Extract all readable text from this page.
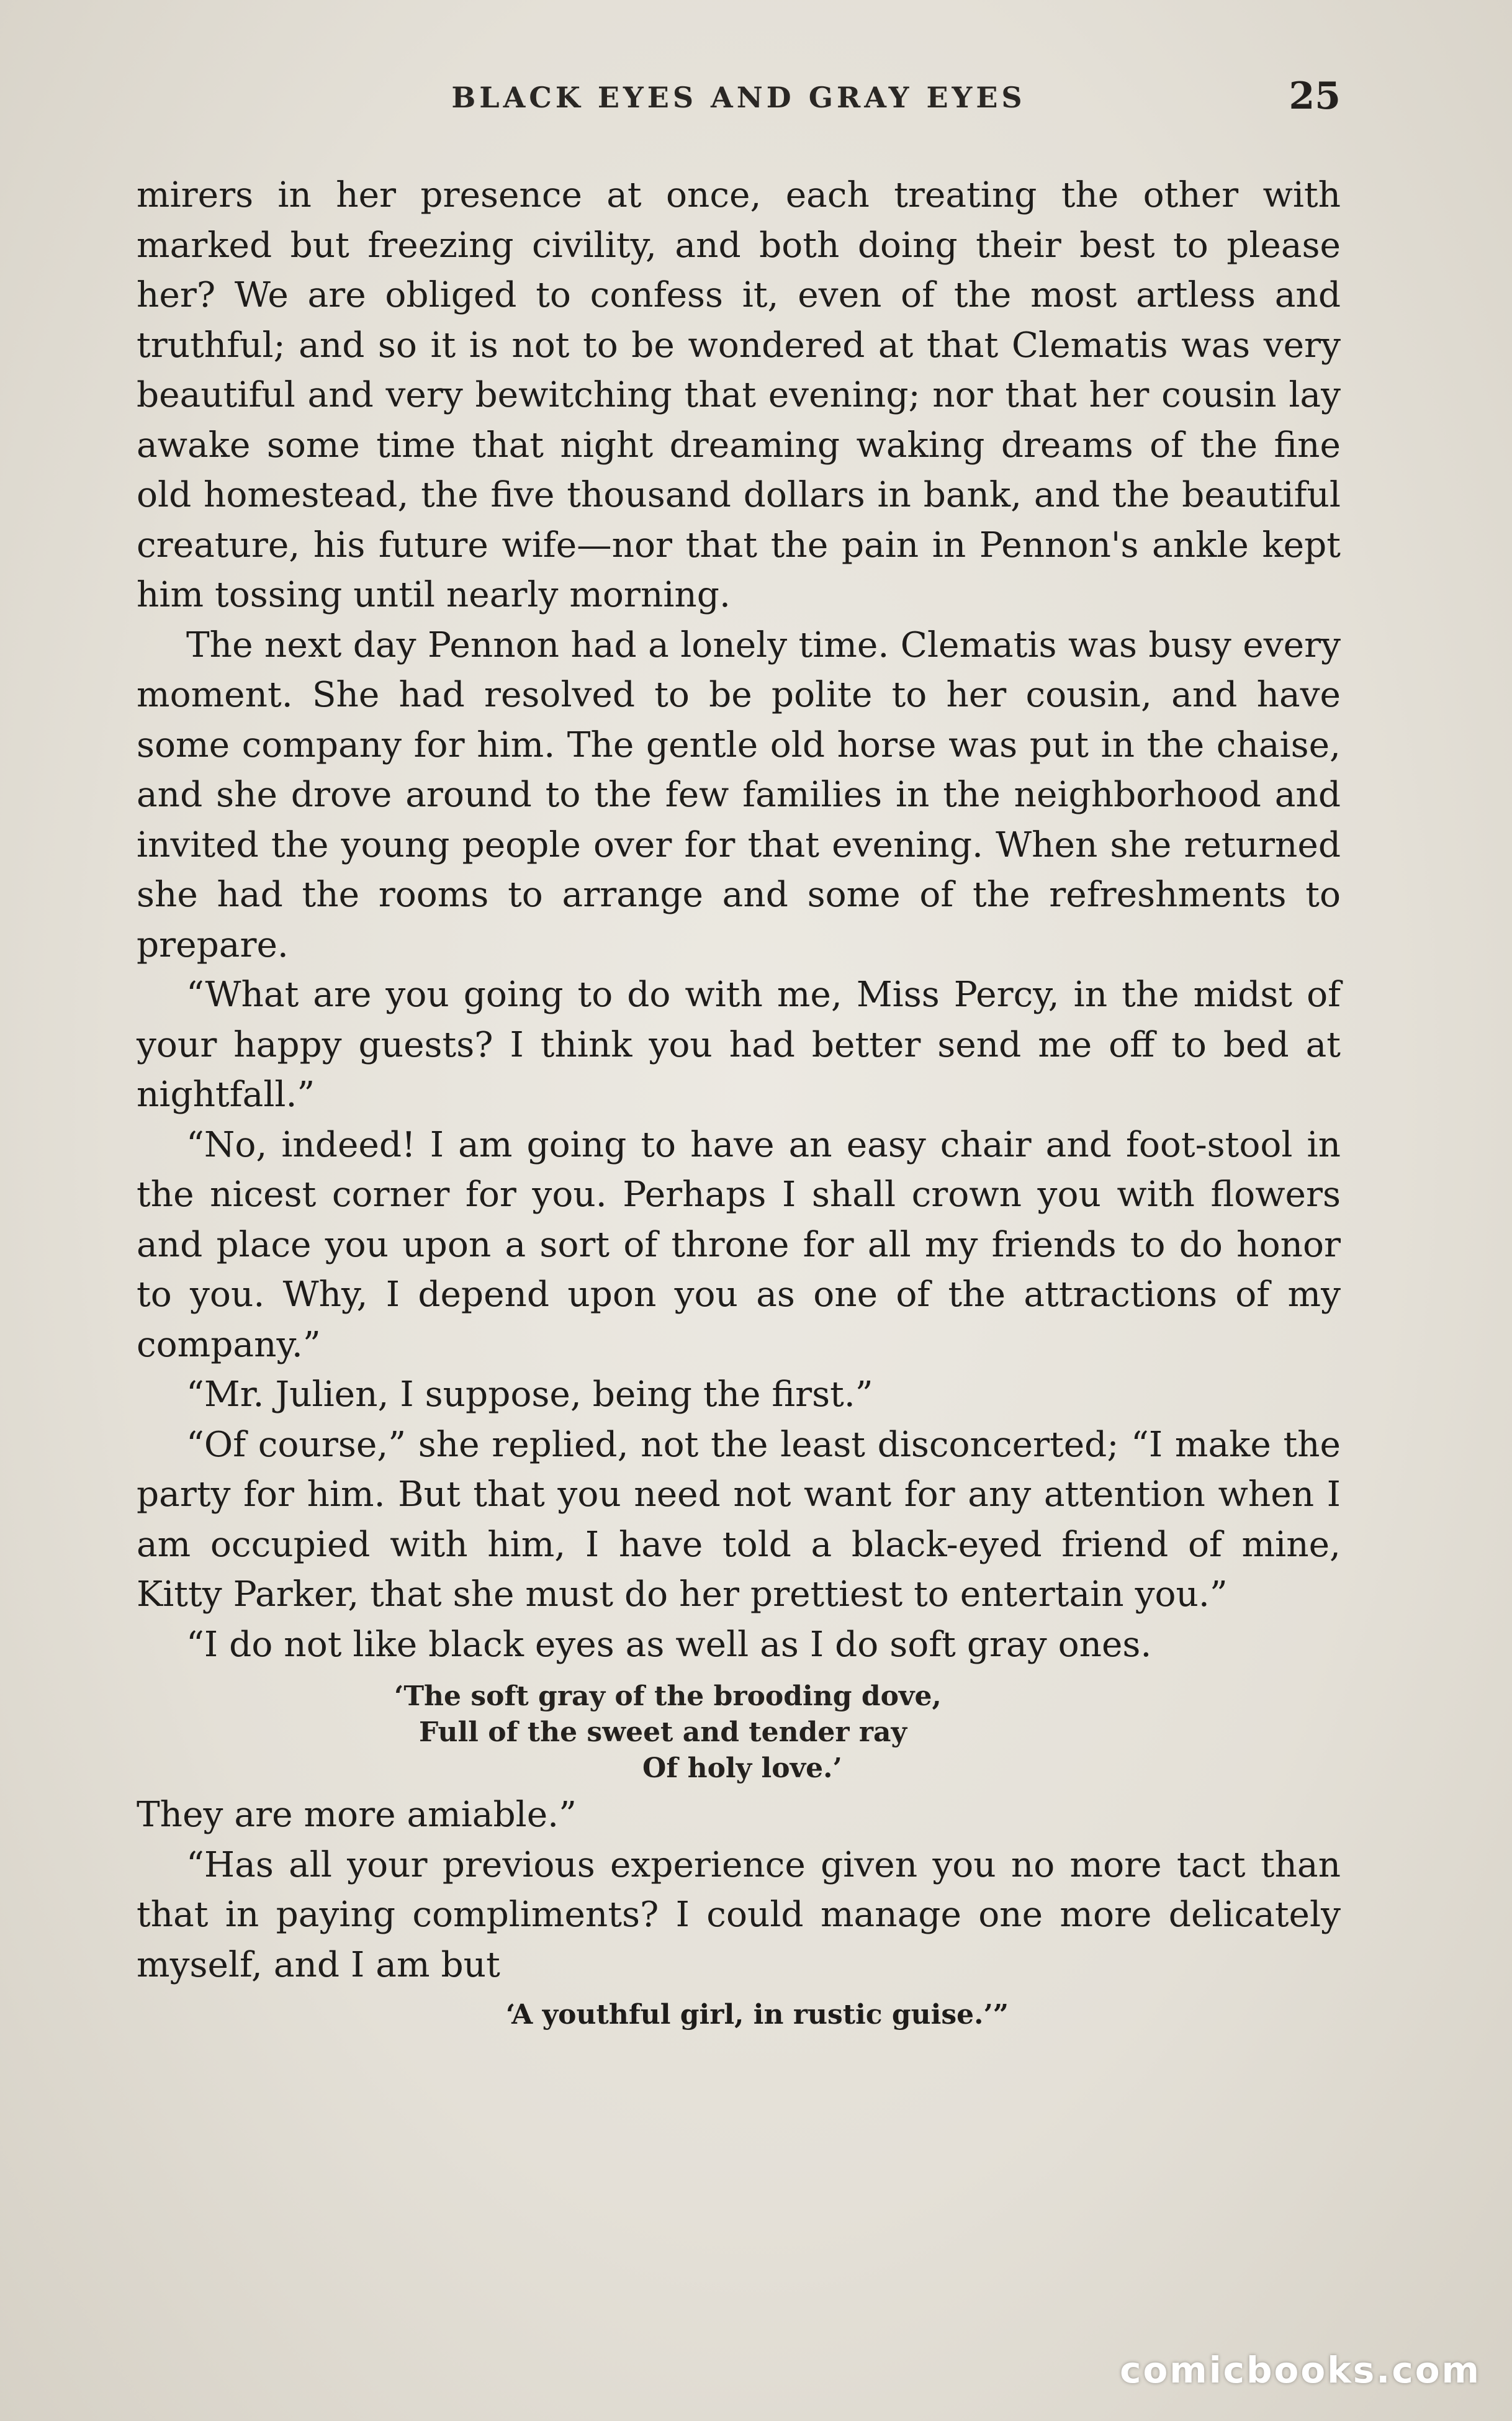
BLACK EYES AND GRAY EYES	25

mirers in her presence at once, each treating the other with marked but freezing civility, and both doing their best to please her? We are obliged to confess it, even of the most artless and truthful; and so it is not to be wondered at that Clematis was very beautiful and very bewitching that evening; nor that her cousin lay awake some time that night dreaming waking dreams of the fine old homestead, the five thousand dollars in bank, and the beautiful creature, his future wife—nor that the pain in Pennon's ankle kept him tossing until nearly morning.

The next day Pennon had a lonely time. Clematis was busy every moment. She had resolved to be polite to her cousin, and have some company for him. The gentle old horse was put in the chaise, and she drove around to the few families in the neighborhood and invited the young people over for that evening. When she returned she had the rooms to arrange and some of the refreshments to prepare.

“What are you going to do with me, Miss Percy, in the midst of your happy guests? I think you had better send me off to bed at nightfall.”

“No, indeed! I am going to have an easy chair and foot-stool in the nicest corner for you. Perhaps I shall crown you with flowers and place you upon a sort of throne for all my friends to do honor to you. Why, I depend upon you as one of the attractions of my company.”

“Mr. Julien, I suppose, being the first.”

“Of course,” she replied, not the least disconcerted; “I make the party for him. But that you need not want for any attention when I am occupied with him, I have told a black-eyed friend of mine, Kitty Parker, that she must do her prettiest to entertain you.”

“I do not like black eyes as well as I do soft gray ones.

‘The soft gray of the brooding dove,
Full of the sweet and tender ray
Of holy love.’

They are more amiable.”

“Has all your previous experience given you no more tact than that in paying compliments? I could manage one more delicately myself, and I am but

‘A youthful girl, in rustic guise.’”
comicbooks.com
